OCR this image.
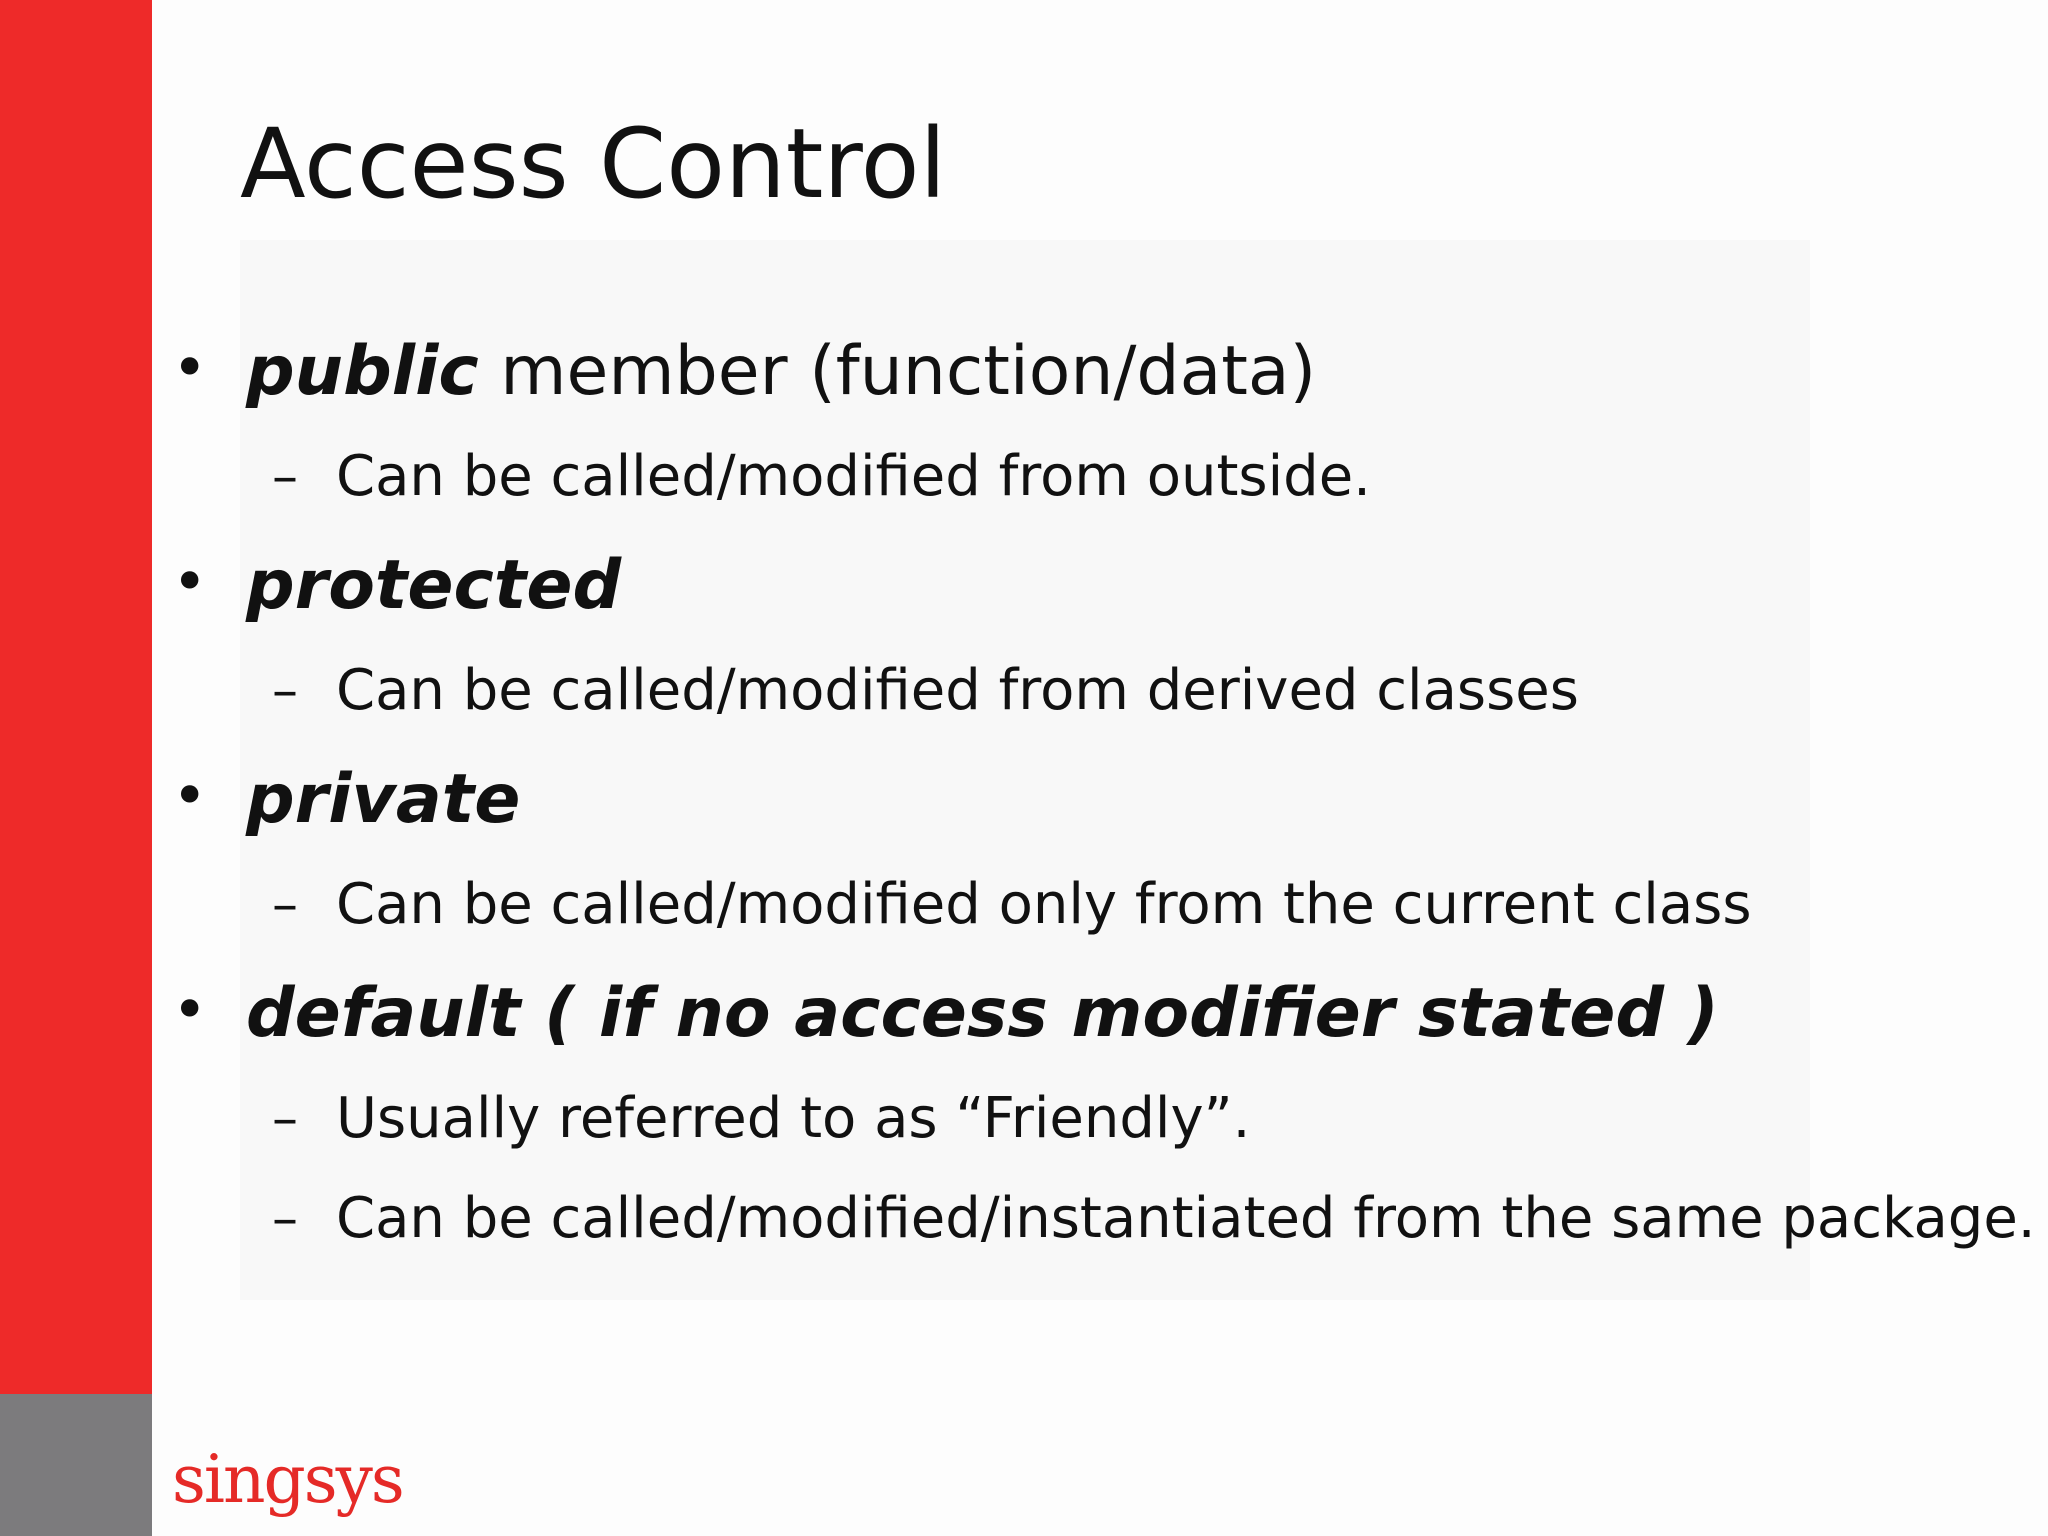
Access Control
• public member (function/data)
– Can be called/modified from outside.
• protected
– Can be called/modified from derived classes
• private
– Can be called/modified only from the current class
• default ( if no access modifier stated )
– Usually referred to as “Friendly”.
– Can be called/modified/instantiated from the same package.
singsys
